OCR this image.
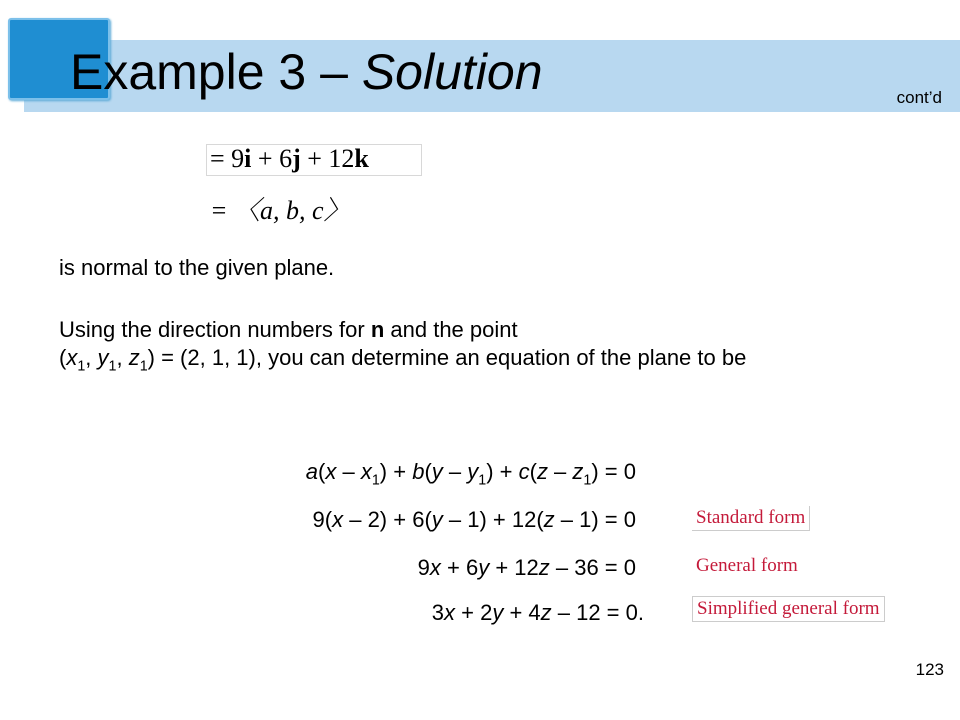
Example 3 – Solution	cont’d
= 9i + 6j + 12k
= 〈a, b, c〉
is normal to the given plane.
Using the direction numbers for n and the point
($x_1$, $y_1$, $z_1) = (2$, 1, 1), you can determine an equation of the plane to be
$a(x - x_1) + b(y - y_1) + c(z - z_1) = 0$
9(x – 2) + 6(y – 1) + 12(z – 1) = 0
9x + 6y + 12z – 36 = 0
3x + 2y + 4z – 12 = 0.
Standard form
General form
Simplified general form
123
